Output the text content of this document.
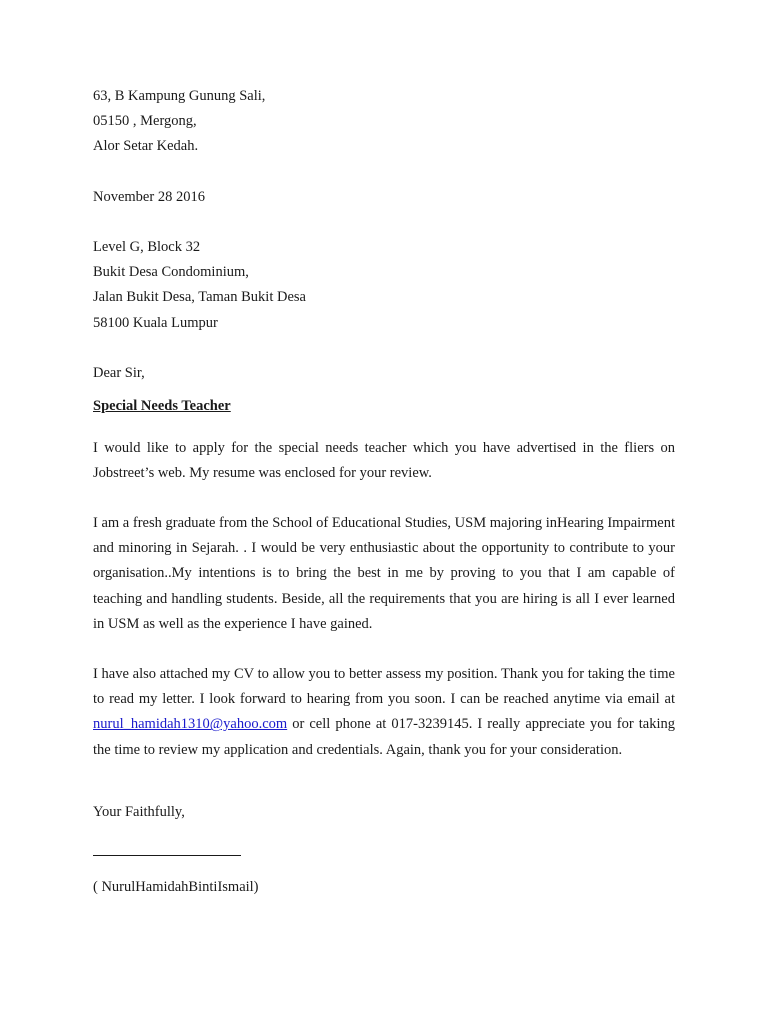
63, B Kampung Gunung Sali,
05150 , Mergong,
Alor Setar Kedah.
November 28 2016
Level G, Block 32
Bukit Desa Condominium,
Jalan Bukit Desa, Taman Bukit Desa
58100 Kuala Lumpur
Dear Sir,
Special Needs Teacher
I would like to apply for the special needs teacher which you have advertised in the fliers on Jobstreet’s web. My resume was enclosed for your review.
I am a fresh graduate from the School of Educational Studies, USM majoring inHearing Impairment and minoring in Sejarah. . I would be very enthusiastic about the opportunity to contribute to your organisation..My intentions is to bring the best in me by proving to you that I am capable of teaching and handling students. Beside, all the requirements that you are hiring is all I ever learned in USM as well as the experience I have gained.
I have also attached my CV to allow you to better assess my position. Thank you for taking the time to read my letter. I look forward to hearing from you soon. I can be reached anytime via email at nurul_hamidah1310@yahoo.com or cell phone at 017-3239145. I really appreciate you for taking the time to review my application and credentials. Again, thank you for your consideration.
Your Faithfully,
( NurulHamidahBintiIsmail)
